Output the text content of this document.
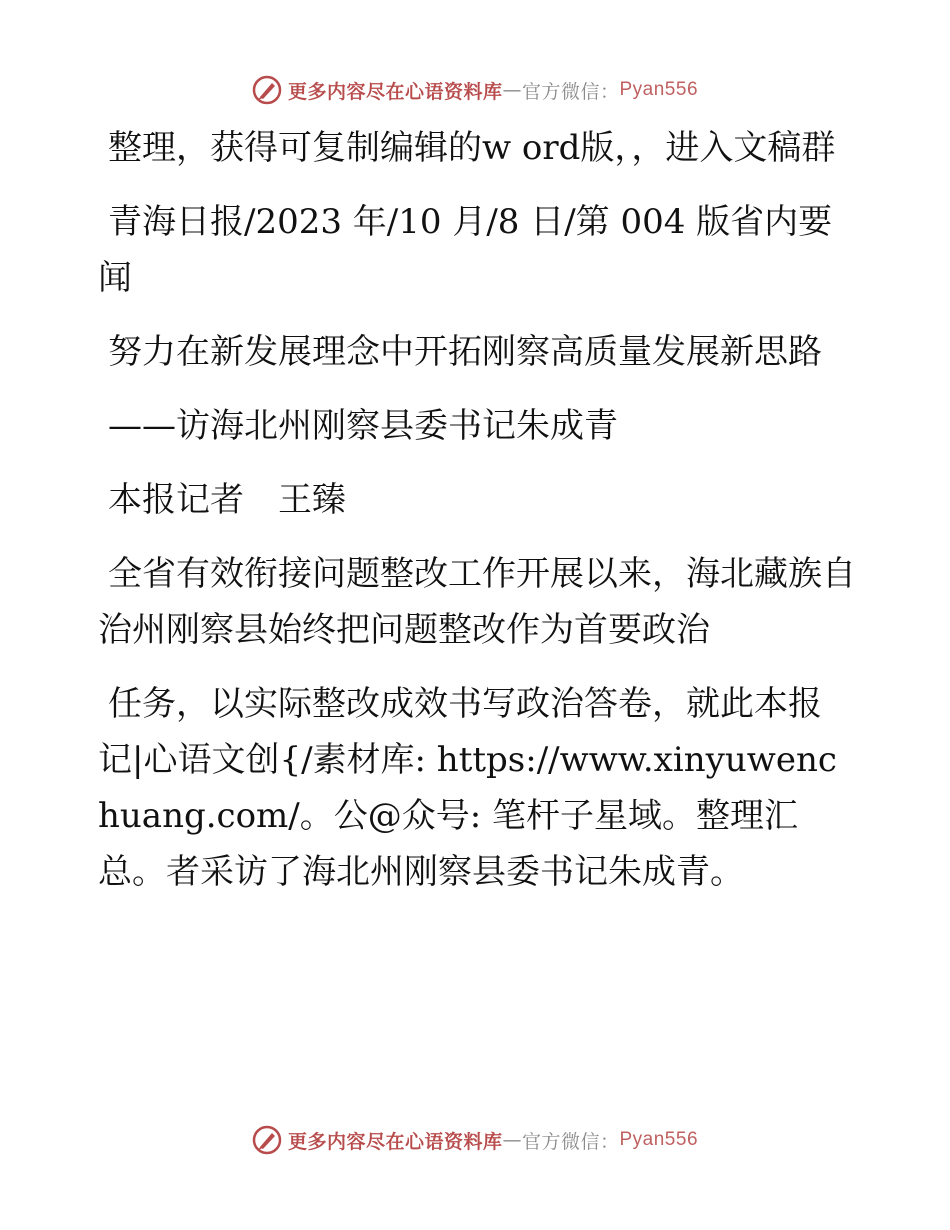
更多内容尽在心语资料库 — 官方微信： Pyan556

整理，获得可复制编辑的w ord版，，进入文稿群

青海日报/2023 年/10 月/8 日/第 004 版省内要闻

努力在新发展理念中开拓刚察高质量发展新思路

——访海北州刚察县委书记朱成青

本报记者　王臻

全省有效衔接问题整改工作开展以来，海北藏族自治州刚察县始终把问题整改作为首要政治

任务，以实际整改成效书写政治答卷，就此本报记|心语文创{/素材库: https://www.xinyuwenchuang.com/。公@众号: 笔杆子星域。整理汇总。者采访了海北州刚察县委书记朱成青。

更多内容尽在心语资料库 — 官方微信： Pyan556
